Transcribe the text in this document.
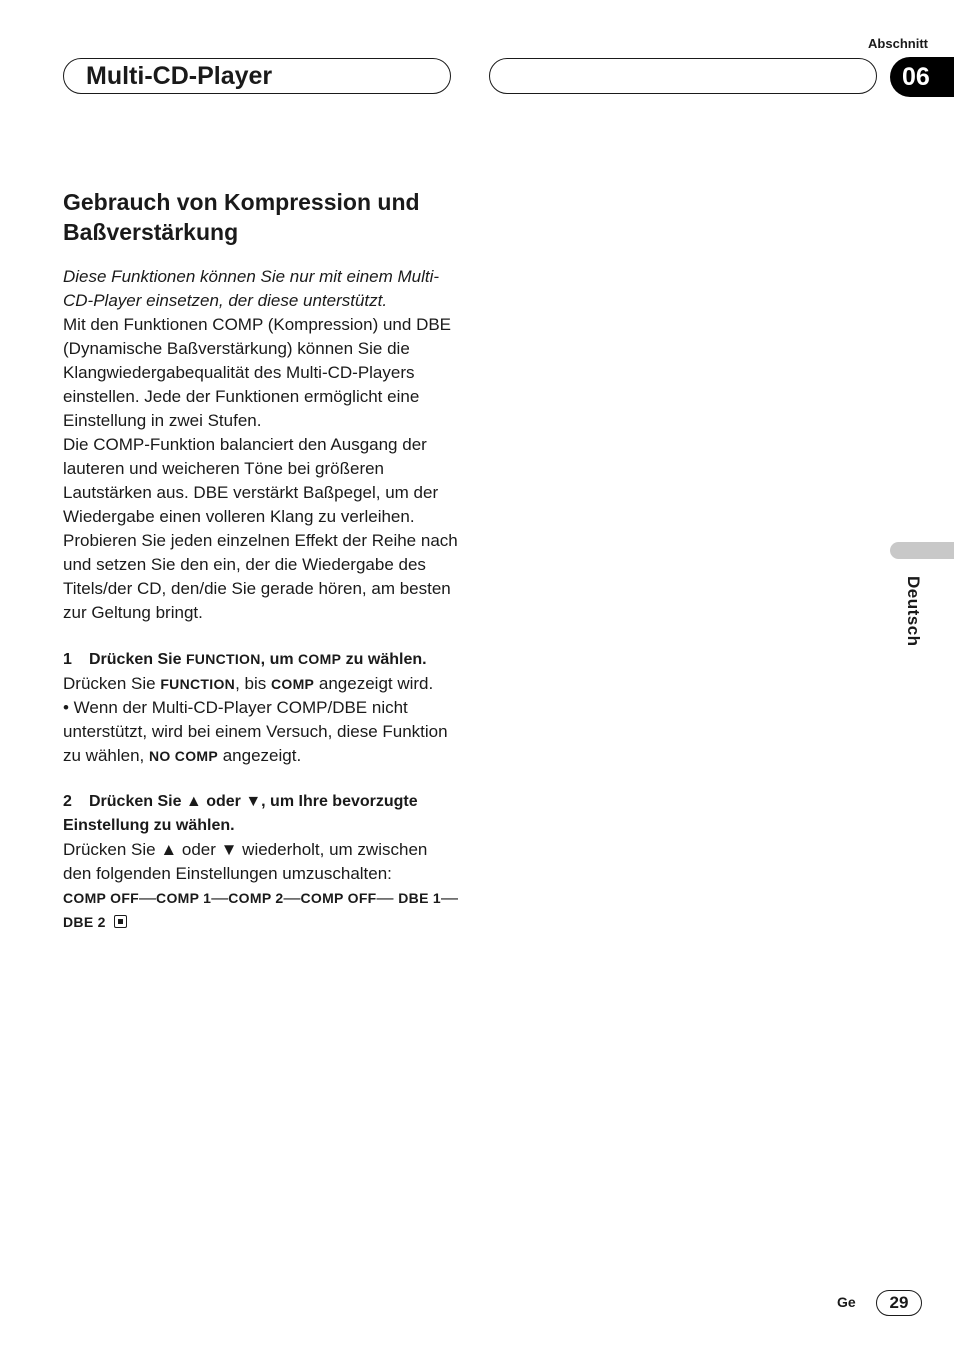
Abschnitt
Multi-CD-Player	06
Deutsch
Gebrauch von Kompression und
Baßverstärkung

Diese Funktionen können Sie nur mit einem Multi-CD-Player einsetzen, der diese unterstützt.

Mit den Funktionen COMP (Kompression) und DBE (Dynamische Baßverstärkung) können Sie die Klangwiedergabequalität des Multi-CD-Players einstellen. Jede der Funktionen ermöglicht eine Einstellung in zwei Stufen.

Die COMP-Funktion balanciert den Ausgang der lauteren und weicheren Töne bei größeren Lautstärken aus. DBE verstärkt Baßpegel, um der Wiedergabe einen volleren Klang zu verleihen. Probieren Sie jeden einzelnen Effekt der Reihe nach und setzen Sie den ein, der die Wiedergabe des Titels/der CD, den/die Sie gerade hören, am besten zur Geltung bringt.

1 Drücken Sie FUNCTION, um COMP zu wählen.

Drücken Sie FUNCTION, bis COMP angezeigt wird.

• Wenn der Multi-CD-Player COMP/DBE nicht unterstützt, wird bei einem Versuch, diese Funktion zu wählen, NO COMP angezeigt.

2 Drücken Sie ▲ oder ▼, um Ihre bevorzugte Einstellung zu wählen.

Drücken Sie ▲ oder ▼ wiederholt, um zwischen den folgenden Einstellungen umzuschalten:

COMP OFF—COMP 1—COMP 2—COMP OFF— DBE 1—DBE 2

Ge	29
